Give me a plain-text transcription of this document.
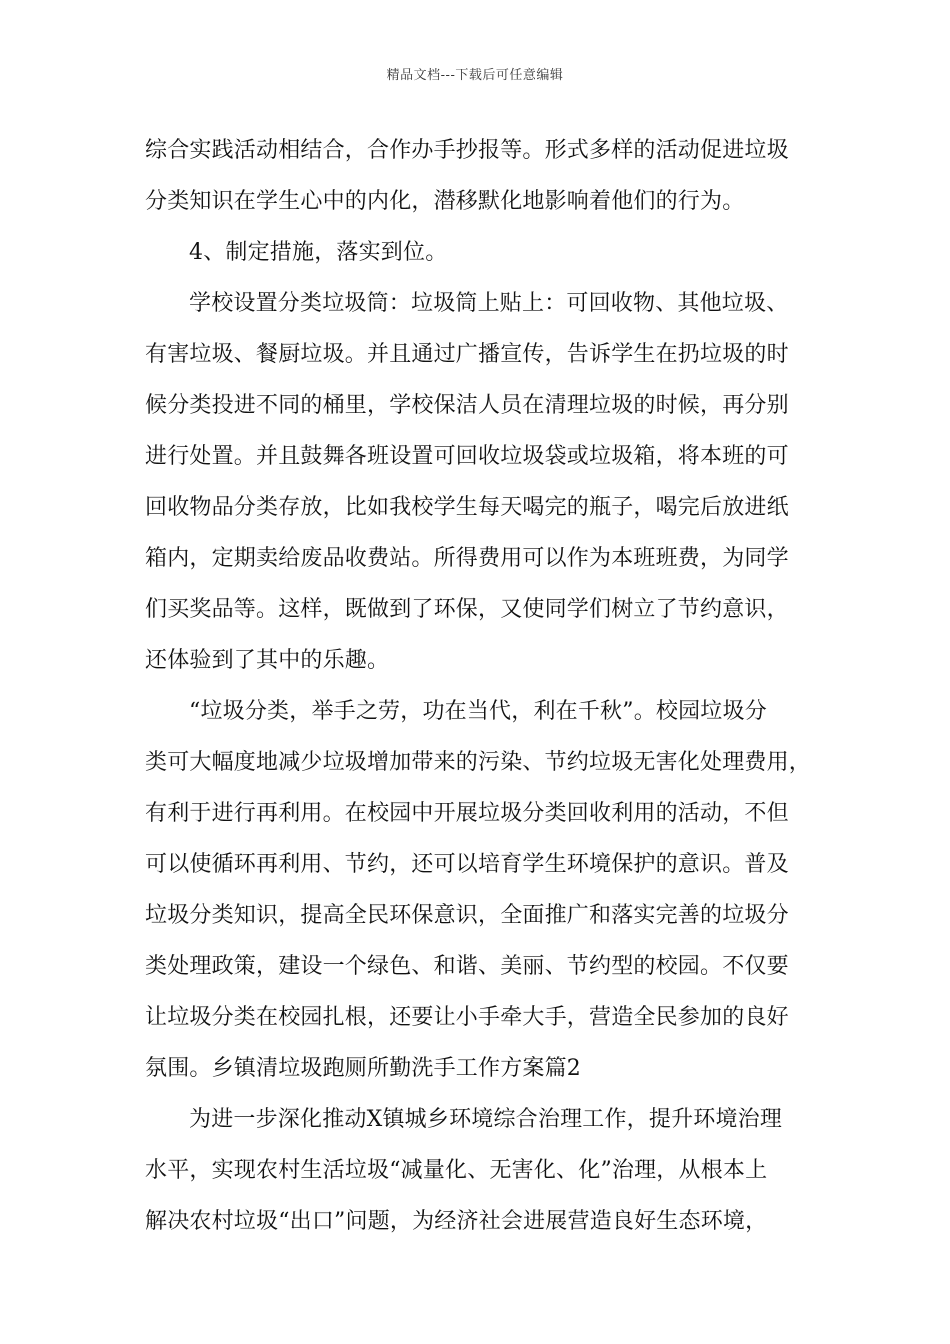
精品文档---下载后可任意编辑
综合实践活动相结合，合作办手抄报等。形式多样的活动促进垃圾
分类知识在学生心中的内化，潜移默化地影响着他们的行为。
4、制定措施，落实到位。
学校设置分类垃圾筒：垃圾筒上贴上：可回收物、其他垃圾、
有害垃圾、餐厨垃圾。并且通过广播宣传，告诉学生在扔垃圾的时
候分类投进不同的桶里，学校保洁人员在清理垃圾的时候，再分别
进行处置。并且鼓舞各班设置可回收垃圾袋或垃圾箱，将本班的可
回收物品分类存放，比如我校学生每天喝完的瓶子，喝完后放进纸
箱内，定期卖给废品收费站。所得费用可以作为本班班费，为同学
们买奖品等。这样，既做到了环保，又使同学们树立了节约意识，
还体验到了其中的乐趣。
“垃圾分类，举手之劳，功在当代，利在千秋”。校园垃圾分
类可大幅度地减少垃圾增加带来的污染、节约垃圾无害化处理费用，
有利于进行再利用。在校园中开展垃圾分类回收利用的活动，不但
可以使循环再利用、节约，还可以培育学生环境保护的意识。普及
垃圾分类知识，提高全民环保意识，全面推广和落实完善的垃圾分
类处理政策，建设一个绿色、和谐、美丽、节约型的校园。不仅要
让垃圾分类在校园扎根，还要让小手牵大手，营造全民参加的良好
氛围。乡镇清垃圾跑厕所勤洗手工作方案篇2
为进一步深化推动X镇城乡环境综合治理工作，提升环境治理
水平，实现农村生活垃圾“减量化、无害化、化”治理，从根本上
解决农村垃圾“出口”问题，为经济社会进展营造良好生态环境，
